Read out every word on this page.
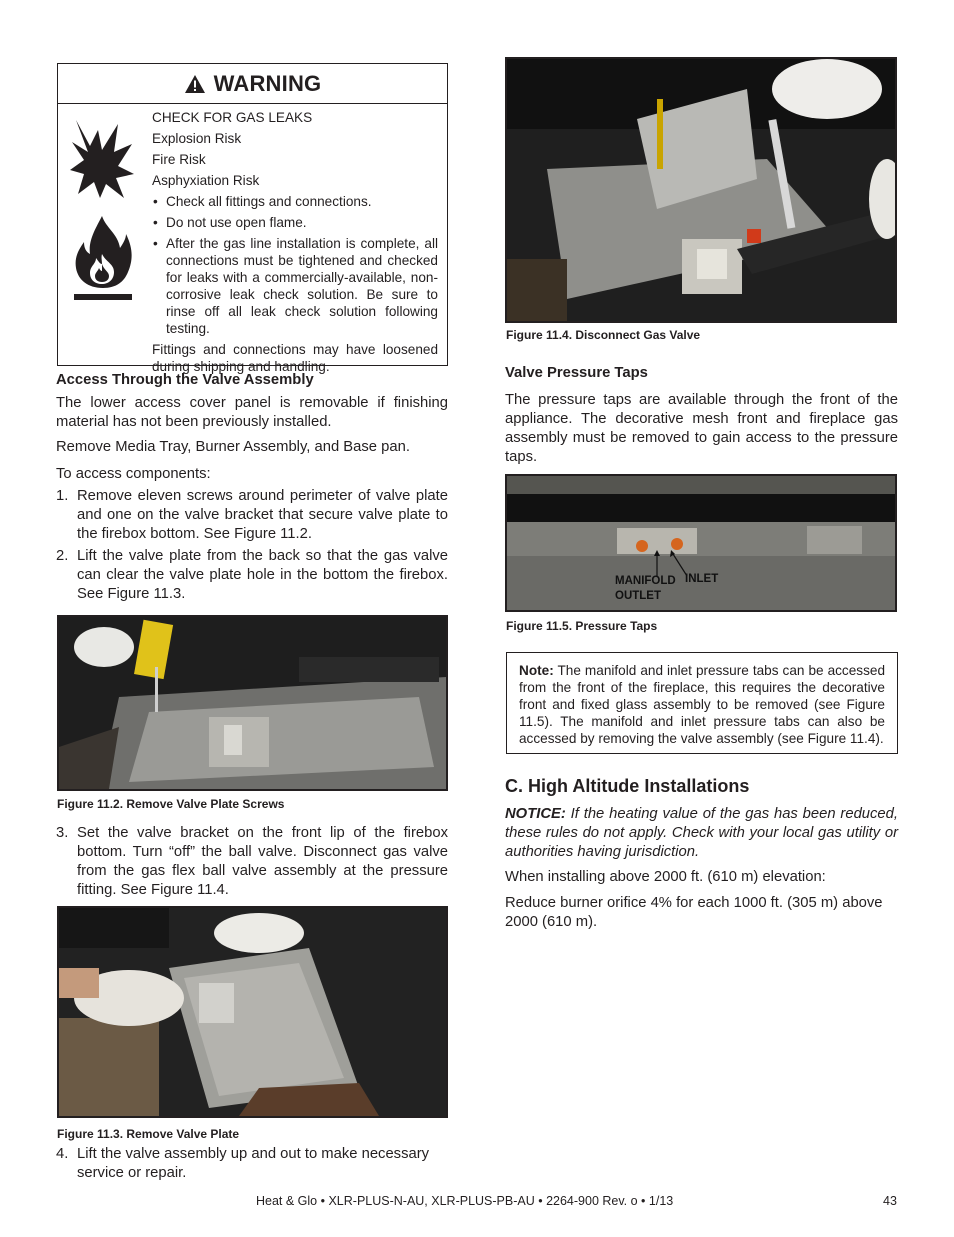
WARNING
CHECK FOR GAS LEAKS
Explosion Risk
Fire Risk
Asphyxiation Risk
• Check all fittings and connections.
• Do not use open flame.
• After the gas line installation is complete, all connections must be tightened and checked for leaks with a commercially-available, non-corrosive leak check solution. Be sure to rinse off all leak check solution following testing.
Fittings and connections may have loosened during shipping and handling.
Access Through the Valve Assembly

The lower access cover panel is removable if finishing material has not been previously installed.

Remove Media Tray, Burner Assembly, and Base pan.

To access components:

1. Remove eleven screws around perimeter of valve plate and one on the valve bracket that secure valve plate to the firebox bottom. See Figure 11.2.

2. Lift the valve plate from the back so that the gas valve can clear the valve plate hole in the bottom the firebox. See Figure 11.3.

Figure 11.2. Remove Valve Plate Screws
3. Set the valve bracket on the front lip of the firebox bottom. Turn “off” the ball valve. Disconnect gas valve from the gas flex ball valve assembly at the pressure fitting. See Figure 11.4.

Figure 11.3. Remove Valve Plate
4. Lift the valve assembly up and out to make necessary service or repair.

Figure 11.4. Disconnect Gas Valve
Valve Pressure Taps

The pressure taps are available through the front of the appliance. The decorative mesh front and fireplace gas assembly must be removed to gain access to the pressure taps.

MANIFOLD
OUTLET
INLET
Figure 11.5. Pressure Taps
Note: The manifold and inlet pressure tabs can be accessed from the front of the fireplace, this requires the decorative front and fixed glass assembly to be removed (see Figure 11.5). The manifold and inlet pressure tabs can also be accessed by removing the valve assembly (see Figure 11.4).
C. High Altitude Installations

NOTICE: If the heating value of the gas has been reduced, these rules do not apply. Check with your local gas utility or authorities having jurisdiction.

When installing above 2000 ft. (610 m) elevation:

Reduce burner orifice 4% for each 1000 ft. (305 m) above 2000 (610 m).

Heat & Glo • XLR-PLUS-N-AU, XLR-PLUS-PB-AU • 2264-900 Rev. o • 1/13	43
